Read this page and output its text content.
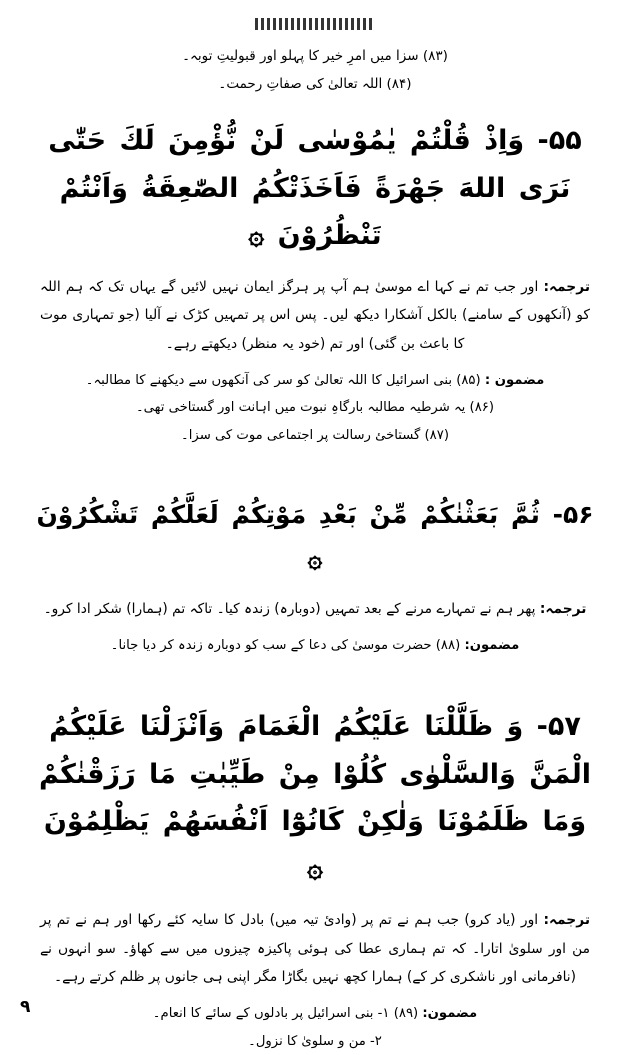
(۸۳) سزا میں امرِ خیر کا پہلو اور قبولیتِ توبہ۔
(۸۴) اللہ تعالیٰ کی صفاتِ رحمت۔
۵۵- وَاِذْ قُلْتُمْ يٰمُوْسٰى لَنْ نُّؤْمِنَ لَكَ حَتّٰى نَرَى اللهَ جَهْرَةً فَاَخَذَتْكُمُ الصّٰعِقَةُ وَاَنْتُمْ تَنْظُرُوْنَ ۞
ترجمہ: اور جب تم نے کہا ‌اے موسیٰ ہم آپ پر ہرگز ایمان نہیں لائیں گے یہاں تک کہ ہم اللہ کو (آنکھوں کے سامنے) بالکل آشکارا دیکھ لیں۔ پس اس پر تمہیں کڑک نے آلیا (جو تمہاری موت کا باعث بن گئی) اور تم (خود یہ منظر) دیکھتے رہے۔
مضمون : (۸۵) بنی اسرائیل کا اللہ تعالیٰ کو سر کی آنکھوں سے دیکھنے کا مطالبہ۔
(۸۶) یہ شرطیہ مطالبہ بارگاہِ نبوت میں اہانت اور گستاخی تھی۔
(۸۷) گستاخئ رسالت پر اجتماعی موت کی سزا۔
۵۶- ثُمَّ بَعَثْنٰكُمْ مِّنْ بَعْدِ مَوْتِكُمْ لَعَلَّكُمْ تَشْكُرُوْنَ ۞
ترجمہ: پھر ہم نے تمہارے مرنے کے بعد تمہیں (دوبارہ) زندہ کیا۔ تاکہ تم (ہمارا) شکر ادا کرو۔
مضمون: (۸۸) حضرت موسیٰ کی دعا کے سب کو دوبارہ زندہ کر دیا جانا۔
۵۷- وَ ظَلَّلْنَا عَلَيْكُمُ الْغَمَامَ وَاَنْزَلْنَا عَلَيْكُمُ الْمَنَّ وَالسَّلْوٰى كُلُوْا مِنْ طَيِّبٰتِ مَا رَزَقْنٰكُمْ وَمَا ظَلَمُوْنَا وَلٰكِنْ كَانُوْٓا اَنْفُسَهُمْ يَظْلِمُوْنَ ۞
ترجمہ: اور (یاد کرو) جب ہم نے تم پر (وادیٔ تیہ میں) بادل کا سایہ کئے رکھا اور ہم نے تم پر من اور سلویٰ اتارا۔ کہ تم ہماری عطا کی ہوئی پاکیزہ چیزوں میں سے کھاؤ۔ سو انہوں نے (نافرمانی اور ناشکری کر کے) ہمارا کچھ نہیں بگاڑا مگر اپنی ہی جانوں پر ظلم کرتے رہے۔
مضمون: (۸۹) ۱- بنی اسرائیل پر بادلوں کے سائے کا انعام۔
۲- من و سلویٰ کا نزول۔
۹
